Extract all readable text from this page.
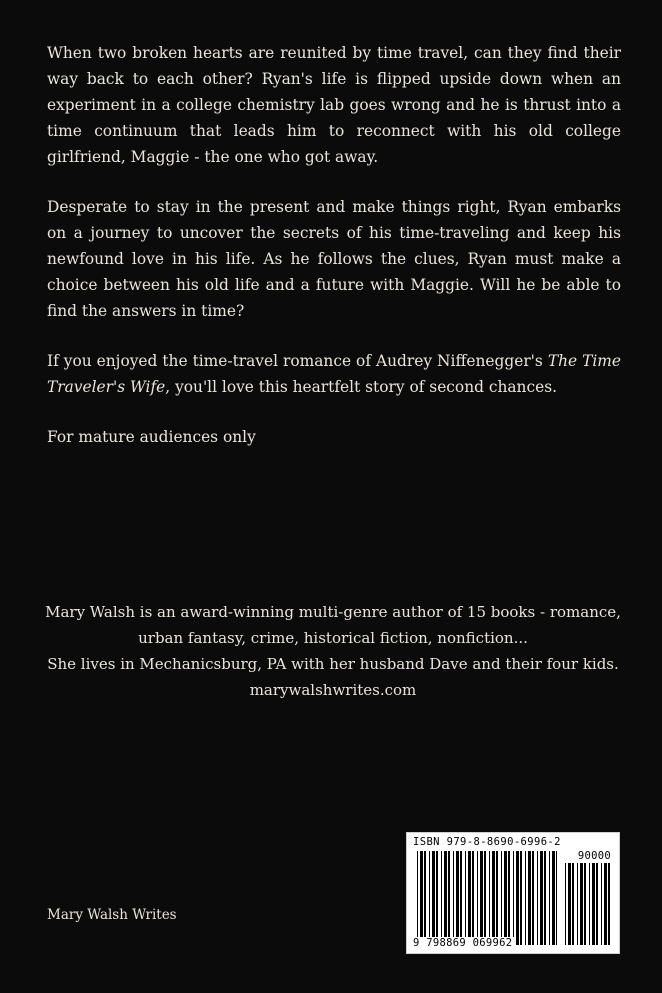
When two broken hearts are reunited by time travel, can they find their way back to each other? Ryan's life is flipped upside down when an experiment in a college chemistry lab goes wrong and he is thrust into a time continuum that leads him to reconnect with his old college girlfriend, Maggie - the one who got away.

Desperate to stay in the present and make things right, Ryan embarks on a journey to uncover the secrets of his time-traveling and keep his newfound love in his life. As he follows the clues, Ryan must make a choice between his old life and a future with Maggie. Will he be able to find the answers in time?

If you enjoyed the time-travel romance of Audrey Niffenegger's The Time Traveler's Wife, you'll love this heartfelt story of second chances.

For mature audiences only

Mary Walsh is an award-winning multi-genre author of 15 books - romance,
urban fantasy, crime, historical fiction, nonfiction...
She lives in Mechanicsburg, PA with her husband Dave and their four kids.
marywalshwrites.com
Mary Walsh Writes
ISBN 979-8-8690-6996-2
90000
9 798869 069962
